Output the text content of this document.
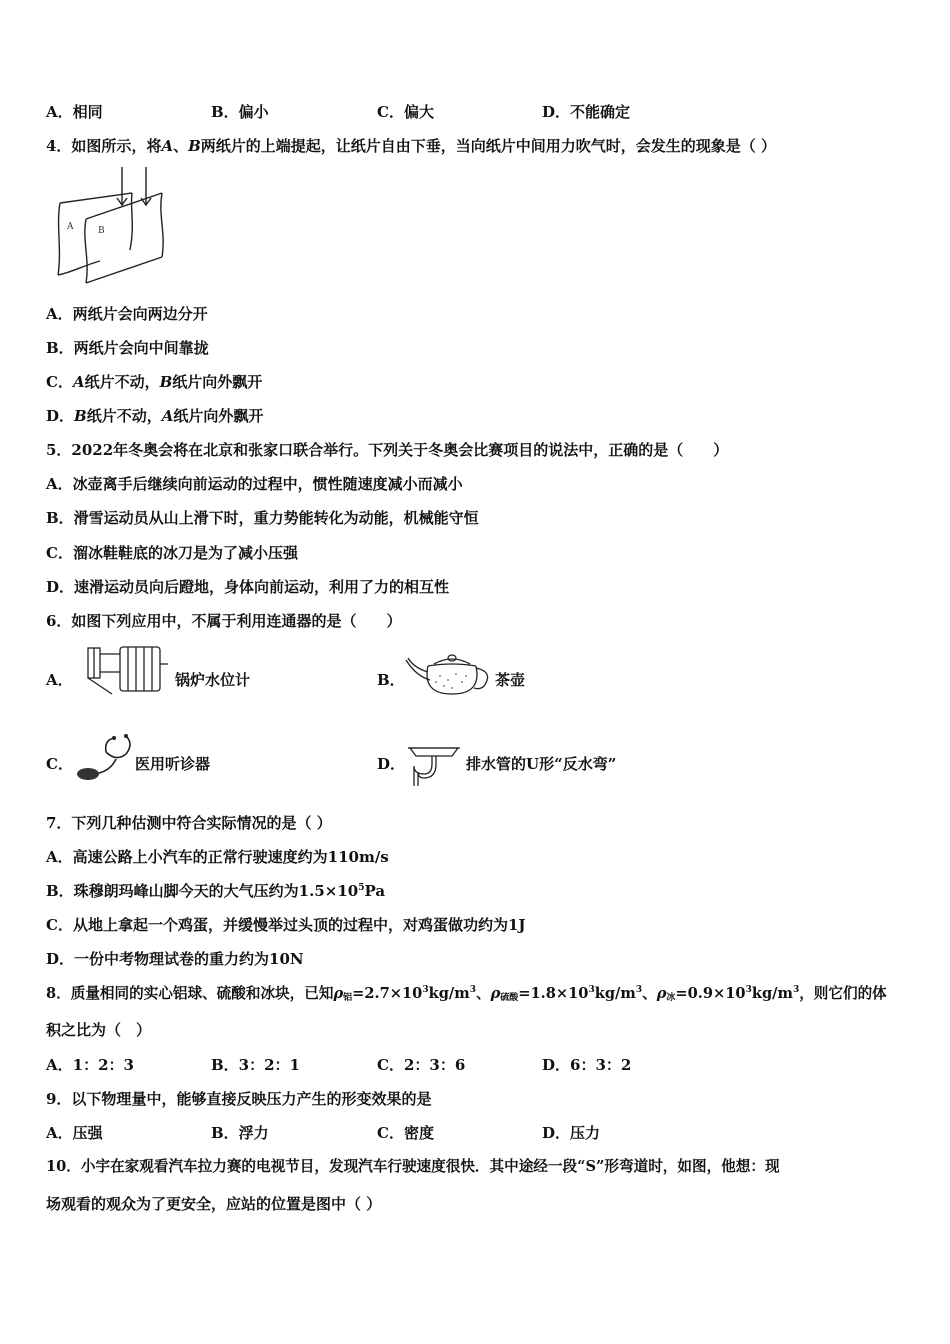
A．相同	B．偏小	C．偏大	D．不能确定
4．如图所示，将A、B两纸片的上端提起，让纸片自由下垂，当向纸片中间用力吹气时，会发生的现象是（ ）
A	B
A．两纸片会向两边分开
B．两纸片会向中间靠拢
C．A纸片不动，B纸片向外飘开
D．B纸片不动，A纸片向外飘开
5．2022年冬奥会将在北京和张家口联合举行。下列关于冬奥会比赛项目的说法中，正确的是（　　）
A．冰壶离手后继续向前运动的过程中，惯性随速度减小而减小
B．滑雪运动员从山上滑下时，重力势能转化为动能，机械能守恒
C．溜冰鞋鞋底的冰刀是为了减小压强
D．速滑运动员向后蹬地，身体向前运动，利用了力的相互性
6．如图下列应用中，不属于利用连通器的是（　　）
A．	锅炉水位计	B．	茶壶
C．	医用听诊器	D．	排水管的U形“反水弯”
7．下列几种估测中符合实际情况的是（ ）
A．高速公路上小汽车的正常行驶速度约为110m/s
B．珠穆朗玛峰山脚今天的大气压约为$1.5\times 10^5Pa$
C．从地上拿起一个鸡蛋，并缓慢举过头顶的过程中，对鸡蛋做功约为1J
D．一份中考物理试卷的重力约为10N
8．质量相同的实心铝球、硫酸和冰块，已知$\rho_铝=2.7\times 10^3kg/m^3$、$\rho_{硫酸}=1.8\times 10^3kg/m^3$、$\rho_冰=0.9\times 10^3kg/m^3$，则它们的体
积之比为（　）
A．1：2：3	B．3：2：1	C．2：3：6	D．6：3：2
9．以下物理量中，能够直接反映压力产生的形变效果的是
A．压强	B．浮力	C．密度	D．压力
10．小宇在家观看汽车拉力赛的电视节目，发现汽车行驶速度很快．其中途经一段“S”形弯道时，如图，他想：现
场观看的观众为了更安全，应站的位置是图中（ ）
